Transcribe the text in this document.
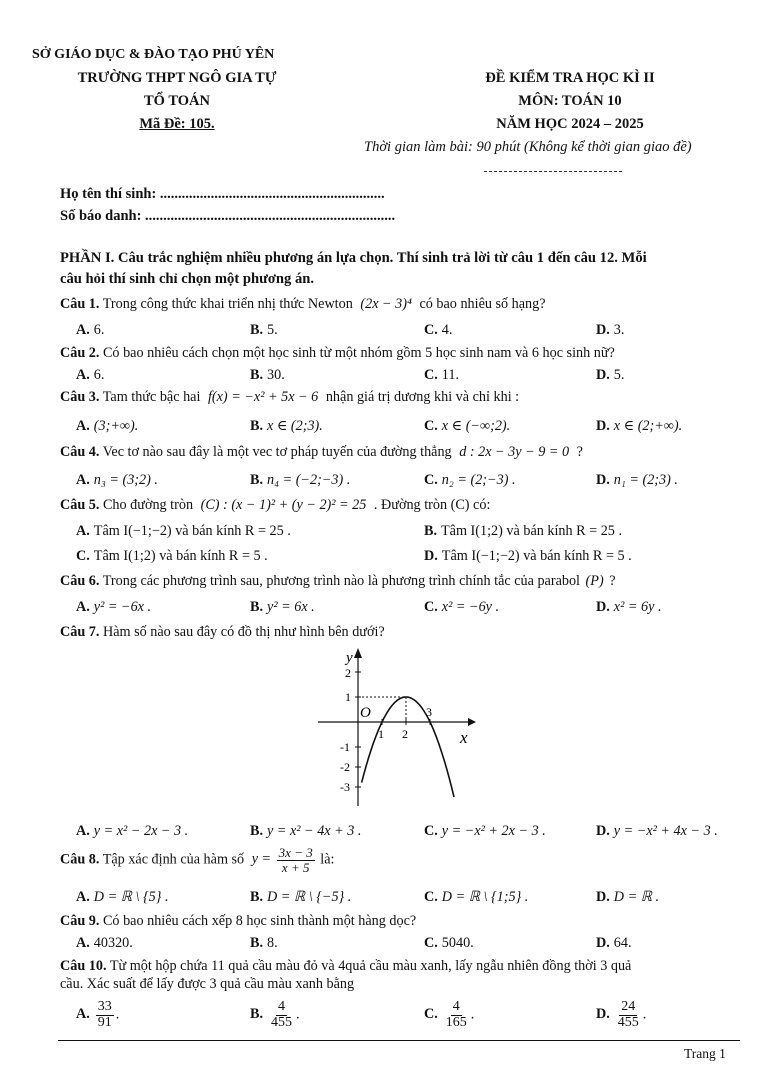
SỞ GIÁO DỤC & ĐÀO TẠO PHÚ YÊN
TRƯỜNG THPT NGÔ GIA TỰ
TỔ TOÁN
Mã Đề: 105.
ĐỀ KIỂM TRA HỌC KÌ II
MÔN: TOÁN 10
NĂM HỌC 2024 – 2025
Thời gian làm bài: 90 phút (Không kể thời gian giao đề)
Họ tên thí sinh: ..............................................................
Số báo danh: .....................................................................
PHẦN I. Câu trắc nghiệm nhiều phương án lựa chọn. Thí sinh trả lời từ câu 1 đến câu 12. Mỗi
câu hỏi thí sinh chỉ chọn một phương án.
Câu 1. Trong công thức khai triển nhị thức Newton (2x − 3)⁴ có bao nhiêu số hạng?
A. 6.	B. 5.	C. 4.	D. 3.
Câu 2. Có bao nhiêu cách chọn một học sinh từ một nhóm gồm 5 học sinh nam và 6 học sinh nữ?
A. 6.	B. 30.	C. 11.	D. 5.
Câu 3. Tam thức bậc hai f(x) = −x² + 5x − 6 nhận giá trị dương khi và chỉ khi :
A. (3;+∞).	B. x ∈ (2;3).	C. x ∈ (−∞;2).	D. x ∈ (2;+∞).
Câu 4. Vec tơ nào sau đây là một vec tơ pháp tuyến của đường thẳng d : 2x − 3y − 9 = 0 ?
A. n₃ = (3;2) .	B. n₄ = (−2;−3) .	C. n₂ = (2;−3) .	D. n₁ = (2;3) .
Câu 5. Cho đường tròn (C) : (x − 1)² + (y − 2)² = 25 . Đường tròn (C) có:
A. Tâm I(−1;−2) và bán kính R = 25 .	B. Tâm I(1;2) và bán kính R = 25 .
C. Tâm I(1;2) và bán kính R = 5 .	D. Tâm I(−1;−2) và bán kính R = 5 .
Câu 6. Trong các phương trình sau, phương trình nào là phương trình chính tắc của parabol (P) ?
A. y² = −6x .	B. y² = 6x .	C. x² = −6y .	D. x² = 6y .
Câu 7. Hàm số nào sau đây có đồ thị như hình bên dưới?
y
x
O
2
1
-1
-2
-3
1 2
3
A. y = x² − 2x − 3 .	B. y = x² − 4x + 3 .	C. y = −x² + 2x − 3 .	D. y = −x² + 4x − 3 .
Câu 8. Tập xác định của hàm số $y = \frac{3x - 3}{x + 5}$ là:
A. D = ℝ \ {5} .	B. D = ℝ \ {−5} .	C. D = ℝ \ {1;5} .	D. D = ℝ .
Câu 9. Có bao nhiêu cách xếp 8 học sinh thành một hàng dọc?
A. 40320.	B. 8.	C. 5040.	D. 64.
Câu 10. Từ một hộp chứa 11 quả cầu màu đỏ và 4quả cầu màu xanh, lấy ngẫu nhiên đồng thời 3 quả
cầu. Xác suất để lấy được 3 quả cầu màu xanh bằng
A. $\frac{33}{91}$ .	B. $\frac{4}{455}$ .	C. $\frac{4}{165}$ .	D. $\frac{24}{455}$ .
Trang 1
